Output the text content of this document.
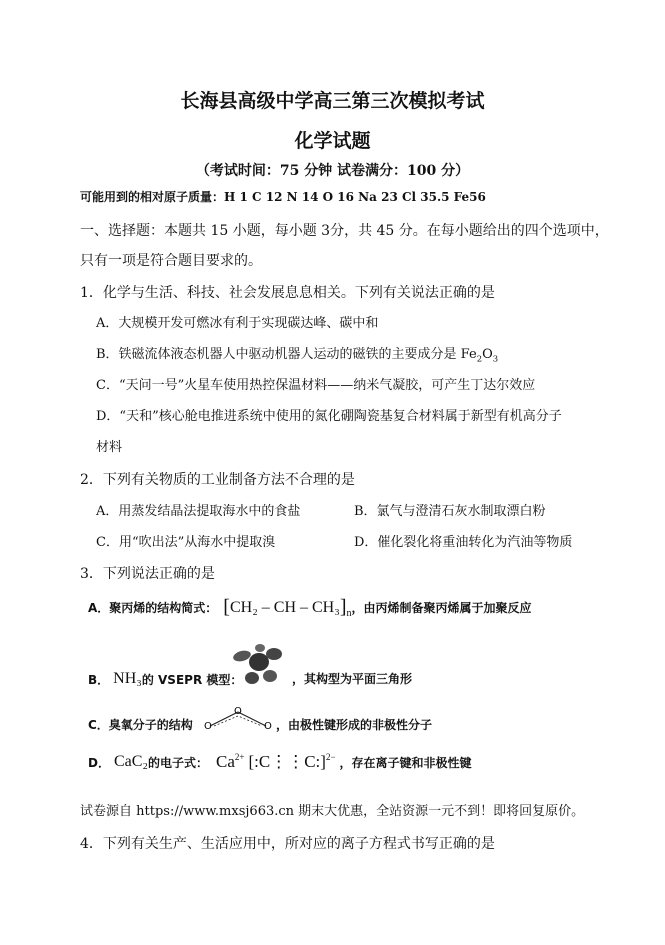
长海县高级中学高三第三次模拟考试
化学试题
（考试时间：75 分钟 试卷满分：100 分）
可能用到的相对原子质量：H 1 C 12 N 14 O 16 Na 23 Cl 35.5 Fe56
一、选择题：本题共 15 小题，每小题 3分，共 45 分。在每小题给出的四个选项中，
只有一项是符合题目要求的。
1．化学与生活、科技、社会发展息息相关。下列有关说法正确的是
A．大规模开发可燃冰有利于实现碳达峰、碳中和
B．铁磁流体液态机器人中驱动机器人运动的磁铁的主要成分是 $Fe_2O_3$
C．“天问一号”火星车使用热控保温材料——纳米气凝胶，可产生丁达尔效应
D．“天和”核心舱电推进系统中使用的氮化硼陶瓷基复合材料属于新型有机高分子
材料
2．下列有关物质的工业制备方法不合理的是
A．用蒸发结晶法提取海水中的食盐	B．氯气与澄清石灰水制取漂白粉
C．用“吹出法”从海水中提取溴	D．催化裂化将重油转化为汽油等物质
3．下列说法正确的是
A．聚丙烯的结构简式： [ CH₂ – CH – CH₃ ] n ，由丙烯制备聚丙烯属于加聚反应
B． NH₃ 的 VSEPR 模型：	，其构型为平面三角形
C．臭氧分子的结构 O
O
O ，由极性键形成的非极性分子
D． CaC₂ 的电子式： $Ca^{2+}$ [:C⋮⋮C:]$^{2-}$ ，存在离子键和非极性键
试卷源自 https://www.mxsj663.cn 期末大优惠，全站资源一元不到！即将回复原价。
4．下列有关生产、生活应用中，所对应的离子方程式书写正确的是
